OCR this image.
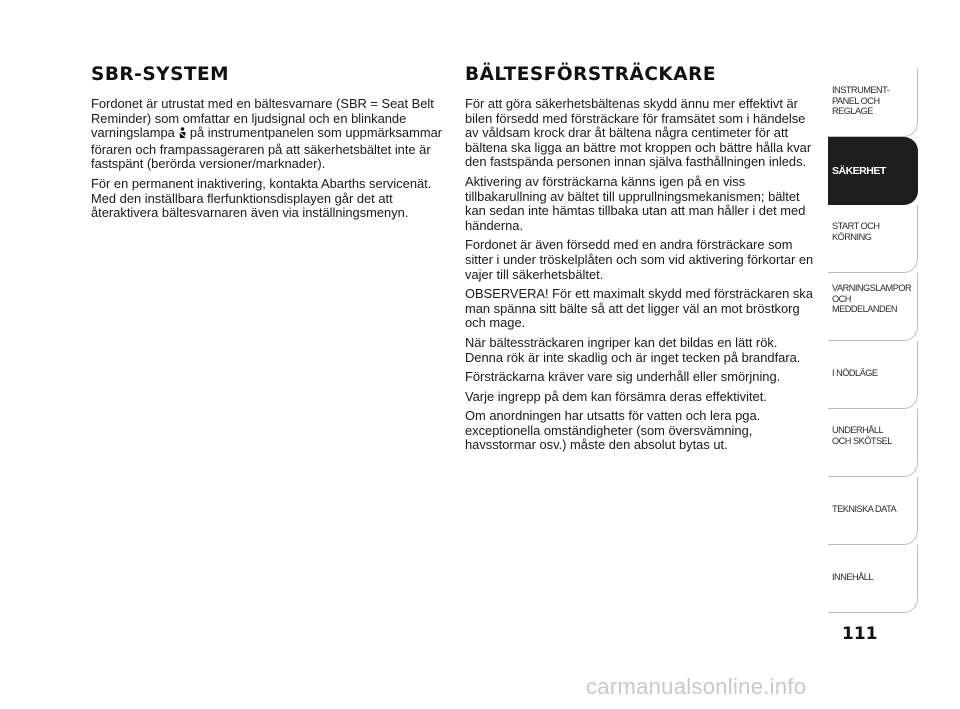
SBR-SYSTEM

Fordonet är utrustat med en bältesvarnare (SBR = Seat Belt Reminder) som omfattar en ljudsignal och en blinkande varningslampa på instrumentpanelen som uppmärksammar föraren och frampassageraren på att säkerhetsbältet inte är fastspänt (berörda versioner/marknader).

För en permanent inaktivering, kontakta Abarths servicenät.
Med den inställbara flerfunktionsdisplayen går det att återaktivera bältesvarnaren även via inställningsmenyn.

BÄLTESFÖRSTRÄCKARE

För att göra säkerhetsbältenas skydd ännu mer effektivt är bilen försedd med försträckare för framsätet som i händelse av våldsam krock drar åt bältena några centimeter för att bältena ska ligga an bättre mot kroppen och bättre hålla kvar den fastspända personen innan själva fasthållningen inleds.

Aktivering av försträckarna känns igen på en viss tillbakarullning av bältet till upprullningsmekanismen; bältet kan sedan inte hämtas tillbaka utan att man håller i det med händerna.

Fordonet är även försedd med en andra försträckare som sitter i under tröskelplåten och som vid aktivering förkortar en vajer till säkerhetsbältet.

OBSERVERA! För ett maximalt skydd med försträckaren ska man spänna sitt bälte så att det ligger väl an mot bröstkorg och mage.

När bältessträckaren ingriper kan det bildas en lätt rök. Denna rök är inte skadlig och är inget tecken på brandfara.

Försträckarna kräver vare sig underhåll eller smörjning.

Varje ingrepp på dem kan försämra deras effektivitet.

Om anordningen har utsatts för vatten och lera pga. exceptionella omständigheter (som översvämning, havsstormar osv.) måste den absolut bytas ut.

INSTRUMENT-
PANEL OCH
REGLAGE
SÄKERHET
START OCH
KÖRNING
VARNINGSLAMPOR
OCH
MEDDELANDEN
I NÖDLÄGE
UNDERHÅLL
OCH SKÖTSEL
TEKNISKA DATA
INNEHÅLL
111
carmanualsonline.info
